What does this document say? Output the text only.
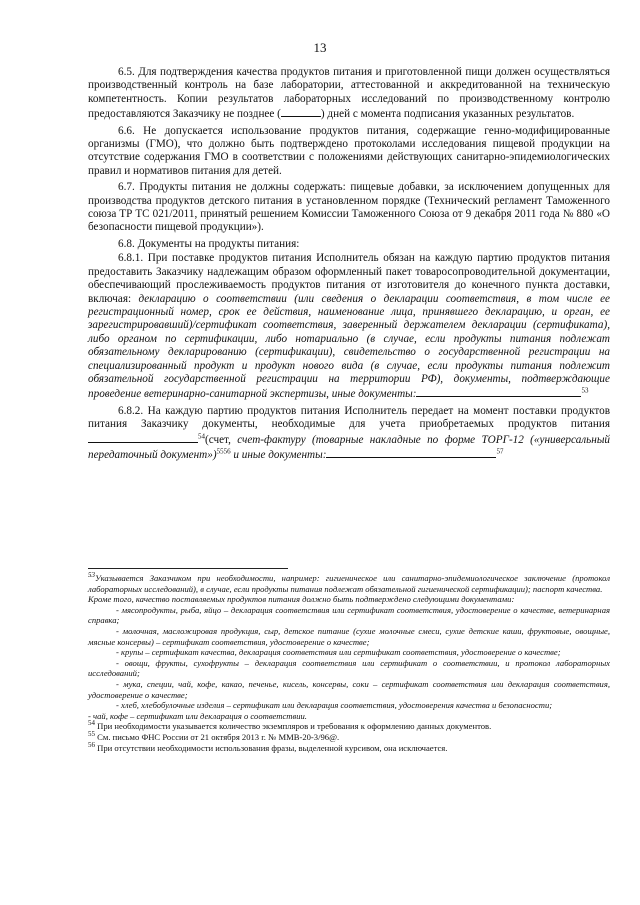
13

6.5. Для подтверждения качества продуктов питания и приготовленной пищи должен осуществляться производственный контроль на базе лаборатории, аттестованной и аккредитованной на техническую компетентность. Копии результатов лабораторных исследований по производственному контролю предоставляются Заказчику не позднее (	) дней с момента подписания указанных результатов.

6.6. Не допускается использование продуктов питания, содержащие генно-модифицированные организмы (ГМО), что должно быть подтверждено протоколами исследования пищевой продукции на отсутствие содержания ГМО в соответствии с положениями действующих санитарно-эпидемиологических правил и нормативов питания для детей.

6.7. Продукты питания не должны содержать: пищевые добавки, за исключением допущенных для производства продуктов детского питания в установленном порядке (Технический регламент Таможенного союза ТР ТС 021/2011, принятый решением Комиссии Таможенного Союза от 9 декабря 2011 года № 880 «О безопасности пищевой продукции»).

6.8. Документы на продукты питания:

6.8.1. При поставке продуктов питания Исполнитель обязан на каждую партию продуктов питания предоставить Заказчику надлежащим образом оформленный пакет товаросопроводительной документации, обеспечивающий прослеживаемость продуктов питания от изготовителя до конечного пункта доставки, включая: декларацию о соответствии (или сведения о декларации соответствия, в том числе ее регистрационный номер, срок ее действия, наименование лица, принявшего декларацию, и орган, ее зарегистрировавший)/сертификат соответствия, заверенный держателем декларации (сертификата), либо органом по сертификации, либо нотариально (в случае, если продукты питания подлежат обязательному декларированию (сертификации), свидетельство о государственной регистрации на специализированный продукт и продукт нового вида (в случае, если продукты питания подлежит обязательной государственной регистрации на территории РФ), документы, подтверждающие проведение ветеринарно-санитарной экспертизы, иные документы:	$^{53}$

6.8.2. На каждую партию продуктов питания Исполнитель передает на момент поставки продуктов питания Заказчику документы, необходимые для учета приобретаемых продуктов питания $^{54}$(счет, счет-фактуру (товарные накладные по форме ТОРГ-12 («универсальный передаточный документ»)$^{5556}$ и иные документы:	$^{57}$

$^{53}$Указывается Заказчиком при необходимости, например: гигиеническое или санитарно-эпидемиологическое заключение (протокол лабораторных исследований), в случае, если продукты питания подлежат обязательной гигиенической сертификации); паспорт качества.
Кроме того, качество поставляемых продуктов питания должно быть подтверждено следующими документами:
- мясопродукты, рыба, яйцо – декларация соответствия или сертификат соответствия, удостоверение о качестве, ветеринарная справка;
- молочная, масложировая продукция, сыр, детское питание (сухие молочные смеси, сухие детские каши, фруктовые, овощные, мясные консервы) – сертификат соответствия, удостоверение о качестве;
- крупы – сертификат качества, декларация соответствия или сертификат соответствия, удостоверение о качестве;
- овощи, фрукты, сухофрукты – декларация соответствия или сертификат о соответствии, и протокол лабораторных исследований;
- мука, специи, чай, кофе, какао, печенье, кисель, консервы, соки – сертификат соответствия или декларация соответствия, удостоверение о качестве;
- хлеб, хлебобулочные изделия – сертификат или декларация соответствия, удостоверения качества и безопасности;
- чай, кофе – сертификат или декларация о соответствии.
$^{54}$ При необходимости указывается количество экземпляров и требования к оформлению данных документов.
$^{55}$ См. письмо ФНС России от 21 октября 2013 г. № ММВ-20-3/96@.
$^{56}$ При отсутствии необходимости использования фразы, выделенной курсивом, она исключается.
